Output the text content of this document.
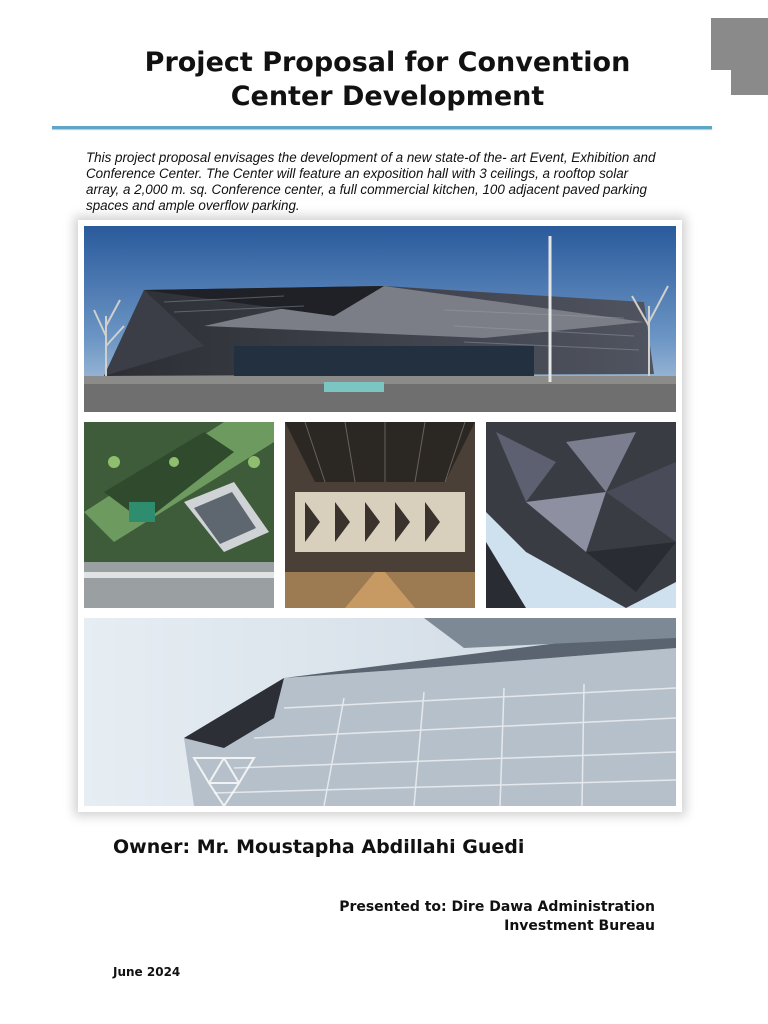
Project Proposal for Convention
Center Development

This project proposal envisages the development of a new state-of the- art Event, Exhibition and Conference Center. The Center will feature an exposition hall with 3 ceilings, a rooftop solar array, a 2,000 m. sq. Conference center, a full commercial kitchen, 100 adjacent paved parking spaces and ample overflow parking.

Owner: Mr. Moustapha Abdillahi Guedi
Presented to: Dire Dawa Administration
Investment Bureau
June 2024
